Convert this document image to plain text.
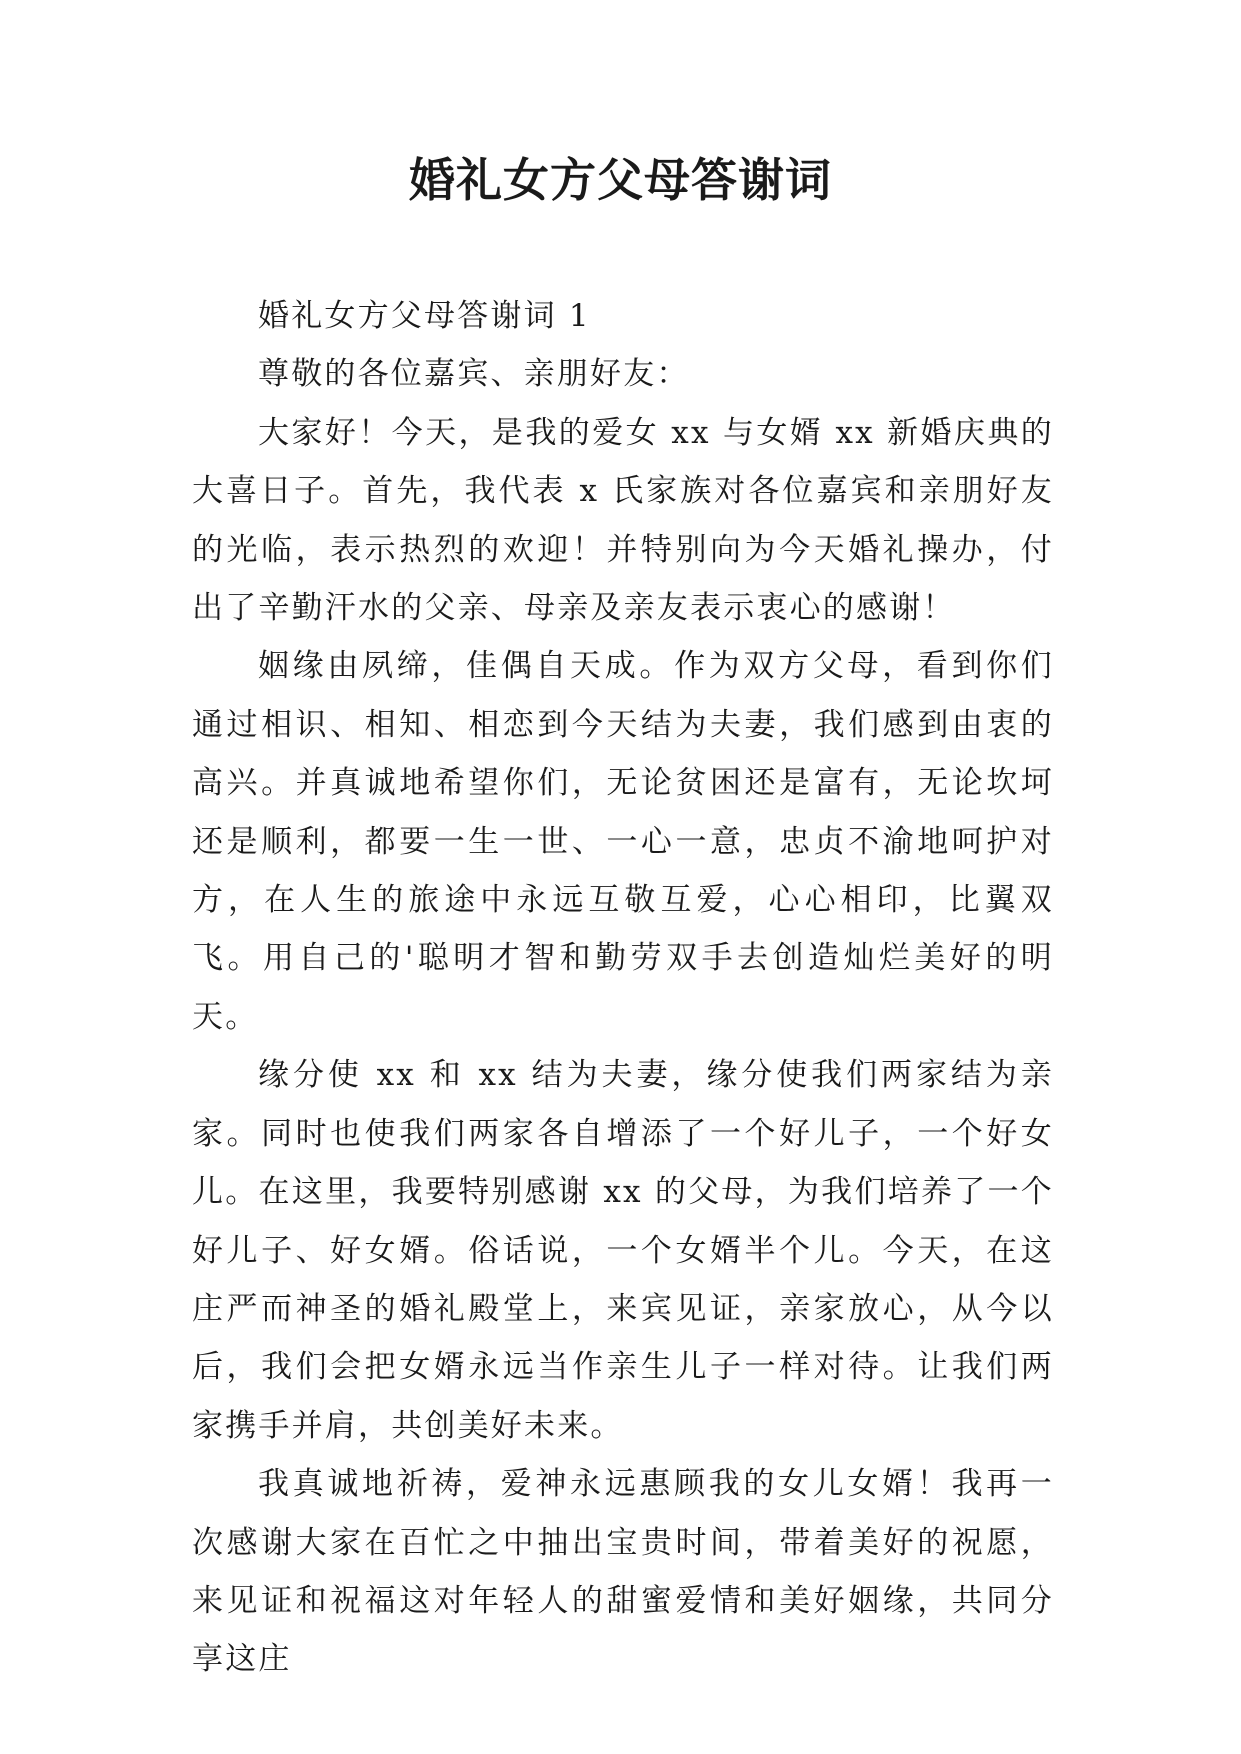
婚礼女方父母答谢词

婚礼女方父母答谢词 1

尊敬的各位嘉宾、亲朋好友：

大家好！今天，是我的爱女 xx 与女婿 xx 新婚庆典的大喜日子。首先，我代表 x 氏家族对各位嘉宾和亲朋好友的光临，表示热烈的欢迎！并特别向为今天婚礼操办，付出了辛勤汗水的父亲、母亲及亲友表示衷心的感谢！

姻缘由夙缔，佳偶自天成。作为双方父母，看到你们通过相识、相知、相恋到今天结为夫妻，我们感到由衷的高兴。并真诚地希望你们，无论贫困还是富有，无论坎坷还是顺利，都要一生一世、一心一意，忠贞不渝地呵护对方，在人生的旅途中永远互敬互爱，心心相印，比翼双飞。用自己的'聪明才智和勤劳双手去创造灿烂美好的明天。

缘分使 xx 和 xx 结为夫妻，缘分使我们两家结为亲家。同时也使我们两家各自增添了一个好儿子，一个好女儿。在这里，我要特别感谢 xx 的父母，为我们培养了一个好儿子、好女婿。俗话说，一个女婿半个儿。今天，在这庄严而神圣的婚礼殿堂上，来宾见证，亲家放心，从今以后，我们会把女婿永远当作亲生儿子一样对待。让我们两家携手并肩，共创美好未来。

我真诚地祈祷，爱神永远惠顾我的女儿女婿！我再一次感谢大家在百忙之中抽出宝贵时间，带着美好的祝愿，来见证和祝福这对年轻人的甜蜜爱情和美好姻缘，共同分享这庄
